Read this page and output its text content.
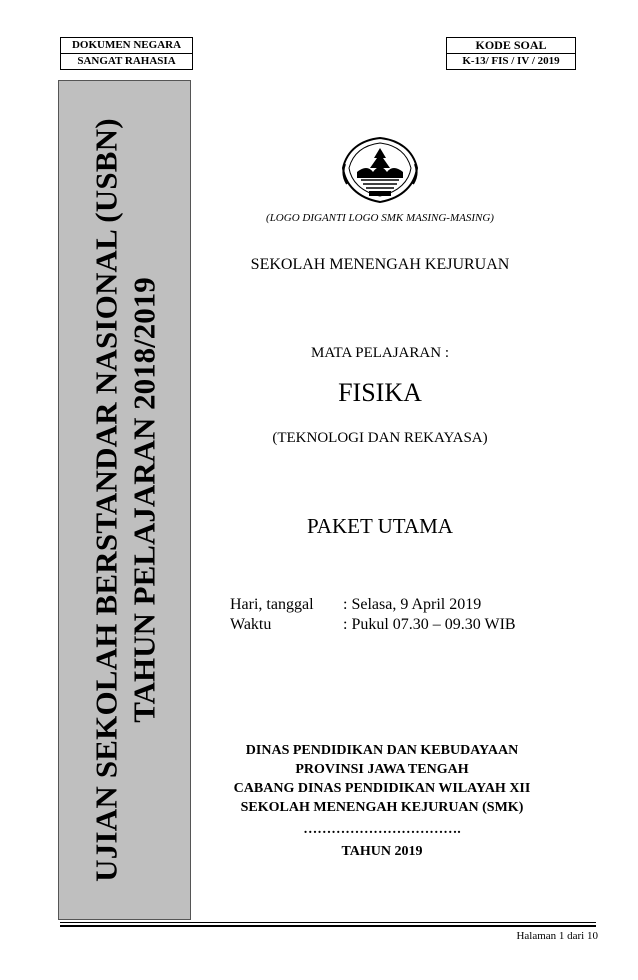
DOKUMEN NEGARA
SANGAT RAHASIA
KODE SOAL
K-13/ FIS / IV / 2019
UJIAN SEKOLAH BERSTANDAR NASIONAL (USBN) TAHUN PELAJARAN 2018/2019
(LOGO DIGANTI LOGO SMK MASING-MASING)
SEKOLAH MENENGAH KEJURUAN
MATA PELAJARAN :
FISIKA
(TEKNOLOGI DAN REKAYASA)
PAKET UTAMA
Hari, tanggal : Selasa, 9 April 2019
Waktu	: Pukul 07.30 – 09.30 WIB
DINAS PENDIDIKAN DAN KEBUDAYAAN
PROVINSI JAWA TENGAH
CABANG DINAS PENDIDIKAN WILAYAH XII
SEKOLAH MENENGAH KEJURUAN (SMK)
…………………………….
TAHUN 2019
Halaman 1 dari 10
